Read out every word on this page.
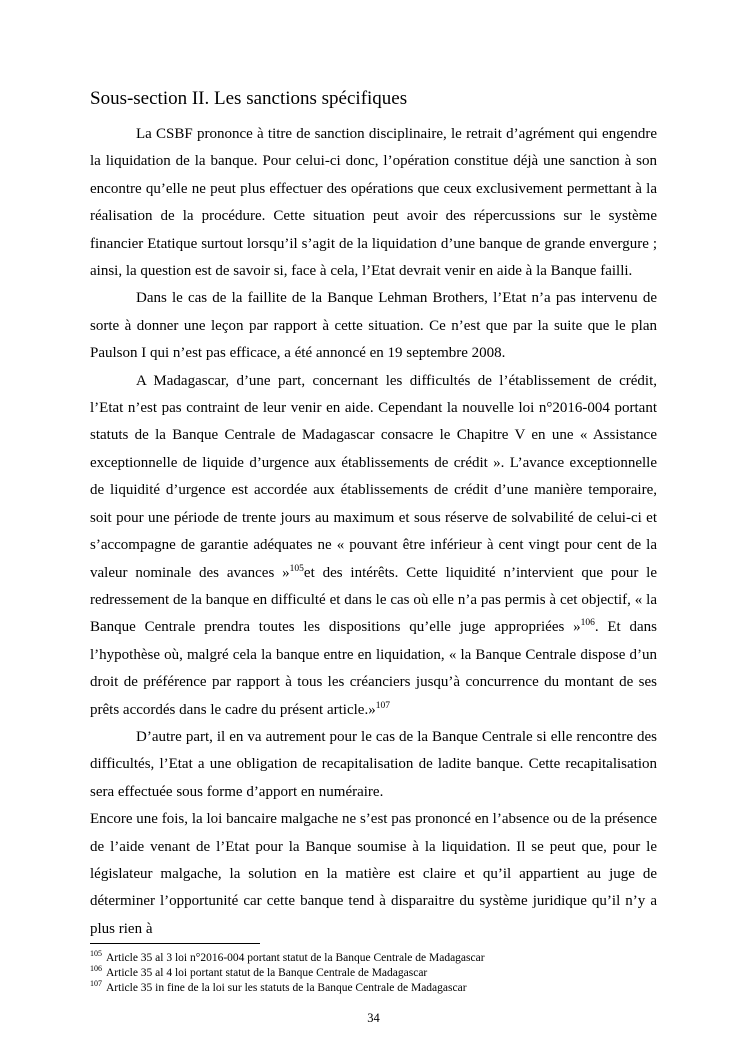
Sous-section II. Les sanctions spécifiques

La CSBF prononce à titre de sanction disciplinaire, le retrait d’agrément qui engendre la liquidation de la banque. Pour celui-ci donc, l’opération constitue déjà une sanction à son encontre qu’elle ne peut plus effectuer des opérations que ceux exclusivement permettant à la réalisation de la procédure. Cette situation peut avoir des répercussions sur le système financier Etatique surtout lorsqu’il s’agit de la liquidation d’une banque de grande envergure ; ainsi, la question est de savoir si, face à cela, l’Etat devrait venir en aide à la Banque failli.

Dans le cas de la faillite de la Banque Lehman Brothers, l’Etat n’a pas intervenu de sorte à donner une leçon par rapport à cette situation. Ce n’est que par la suite que le plan Paulson I qui n’est pas efficace, a été annoncé en 19 septembre 2008.

A Madagascar, d’une part, concernant les difficultés de l’établissement de crédit, l’Etat n’est pas contraint de leur venir en aide. Cependant la nouvelle loi n°2016-004 portant statuts de la Banque Centrale de Madagascar consacre le Chapitre V en une « Assistance exceptionnelle de liquide d’urgence aux établissements de crédit ». L’avance exceptionnelle de liquidité d’urgence est accordée aux établissements de crédit d’une manière temporaire, soit pour une période de trente jours au maximum et sous réserve de solvabilité de celui-ci et s’accompagne de garantie adéquates ne « pouvant être inférieur à cent vingt pour cent de la valeur nominale des avances »$^{105}$et des intérêts. Cette liquidité n’intervient que pour le redressement de la banque en difficulté et dans le cas où elle n’a pas permis à cet objectif, « la Banque Centrale prendra toutes les dispositions qu’elle juge appropriées »$^{106}$. Et dans l’hypothèse où, malgré cela la banque entre en liquidation, « la Banque Centrale dispose d’un droit de préférence par rapport à tous les créanciers jusqu’à concurrence du montant de ses prêts accordés dans le cadre du présent article.»$^{107}$

D’autre part, il en va autrement pour le cas de la Banque Centrale si elle rencontre des difficultés, l’Etat a une obligation de recapitalisation de ladite banque. Cette recapitalisation sera effectuée sous forme d’apport en numéraire.

Encore une fois, la loi bancaire malgache ne s’est pas prononcé en l’absence ou de la présence de l’aide venant de l’Etat pour la Banque soumise à la liquidation. Il se peut que, pour le législateur malgache, la solution en la matière est claire et qu’il appartient au juge de déterminer l’opportunité car cette banque tend à disparaitre du système juridique qu’il n’y a plus rien à

$^{105}$ Article 35 al 3 loi n°2016-004 portant statut de la Banque Centrale de Madagascar

$^{106}$ Article 35 al 4 loi portant statut de la Banque Centrale de Madagascar

$^{107}$ Article 35 in fine de la loi sur les statuts de la Banque Centrale de Madagascar

34
